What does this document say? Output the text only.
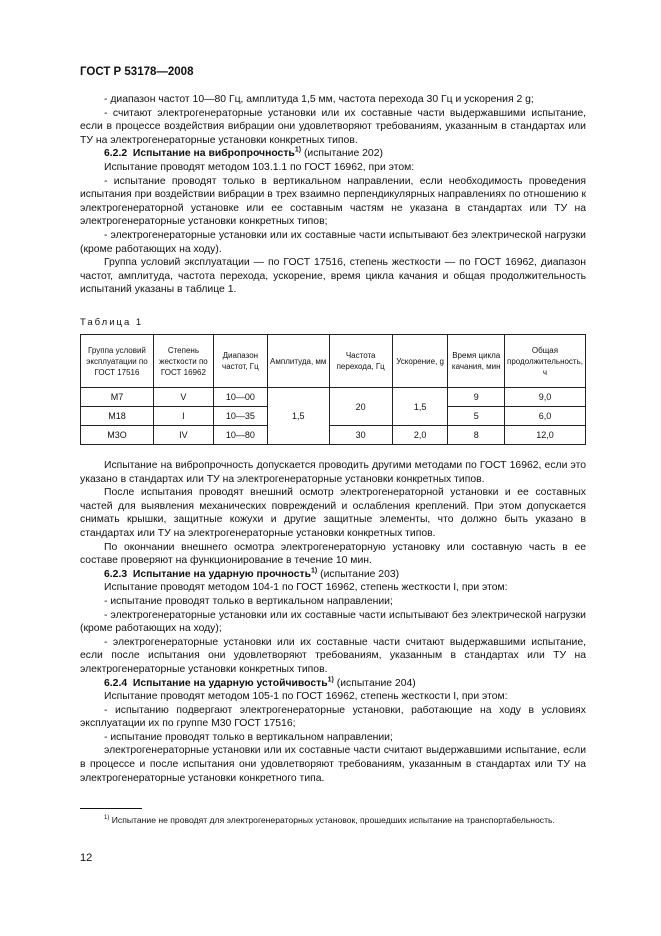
ГОСТ Р 53178—2008

- диапазон частот 10—80 Гц, амплитуда 1,5 мм, частота перехода 30 Гц и ускорения 2 g;

- считают электрогенераторные установки или их составные части выдержавшими испытание, если в процессе воздействия вибрации они удовлетворяют требованиям, указанным в стандартах или ТУ на электрогенераторные установки конкретных типов.

6.2.2 Испытание на вибропрочность$^{1)}$ (испытание 202)

Испытание проводят методом 103.1.1 по ГОСТ 16962, при этом:

- испытание проводят только в вертикальном направлении, если необходимость проведения испытания при воздействии вибрации в трех взаимно перпендикулярных направлениях по отношению к электрогенераторной установке или ее составным частям не указана в стандартах или ТУ на электрогенераторные установки конкретных типов;

- электрогенераторные установки или их составные части испытывают без электрической нагрузки (кроме работающих на ходу).

Группа условий эксплуатации — по ГОСТ 17516, степень жесткости — по ГОСТ 16962, диапазон частот, амплитуда, частота перехода, ускорение, время цикла качания и общая продолжительность испытаний указаны в таблице 1.

Таблица 1
Группа условий эксплуатации по ГОСТ 17516	Степень жесткости по ГОСТ 16962	Диапазон частот, Гц	Амплитуда, мм	Частота перехода, Гц	Ускорение, g	Время цикла качания, мин	Общая продолжительность, ч
М7	V	10—00	1,5	20	1,5	9	9,0
М18	I	10—35				5	6,0
М3О	IV	10—80		30	2,0	8	12,0

Испытание на вибропрочность допускается проводить другими методами по ГОСТ 16962, если это указано в стандартах или ТУ на электрогенераторные установки конкретных типов.

После испытания проводят внешний осмотр электрогенераторной установки и ее составных частей для выявления механических повреждений и ослабления креплений. При этом допускается снимать крышки, защитные кожухи и другие защитные элементы, что должно быть указано в стандартах или ТУ на электрогенераторные установки конкретных типов.

По окончании внешнего осмотра электрогенераторную установку или составную часть в ее составе проверяют на функционирование в течение 10 мин.

6.2.3 Испытание на ударную прочность$^{1)}$ (испытание 203)

Испытание проводят методом 104-1 по ГОСТ 16962, степень жесткости I, при этом:

- испытание проводят только в вертикальном направлении;

- электрогенераторные установки или их составные части испытывают без электрической нагрузки (кроме работающих на ходу);

- электрогенераторные установки или их составные части считают выдержавшими испытание, если после испытания они удовлетворяют требованиям, указанным в стандартах или ТУ на электрогенераторные установки конкретных типов.

6.2.4 Испытание на ударную устойчивость$^{1)}$ (испытание 204)

Испытание проводят методом 105-1 по ГОСТ 16962, степень жесткости I, при этом:

- испытанию подвергают электрогенераторные установки, работающие на ходу в условиях эксплуатации их по группе М30 ГОСТ 17516;

- испытание проводят только в вертикальном направлении;

электрогенераторные установки или их составные части считают выдержавшими испытание, если в процессе и после испытания они удовлетворяют требованиям, указанным в стандартах или ТУ на электрогенераторные установки конкретного типа.

$^{1)}$ Испытание не проводят для электрогенераторных установок, прошедших испытание на транспортабельность.
12
